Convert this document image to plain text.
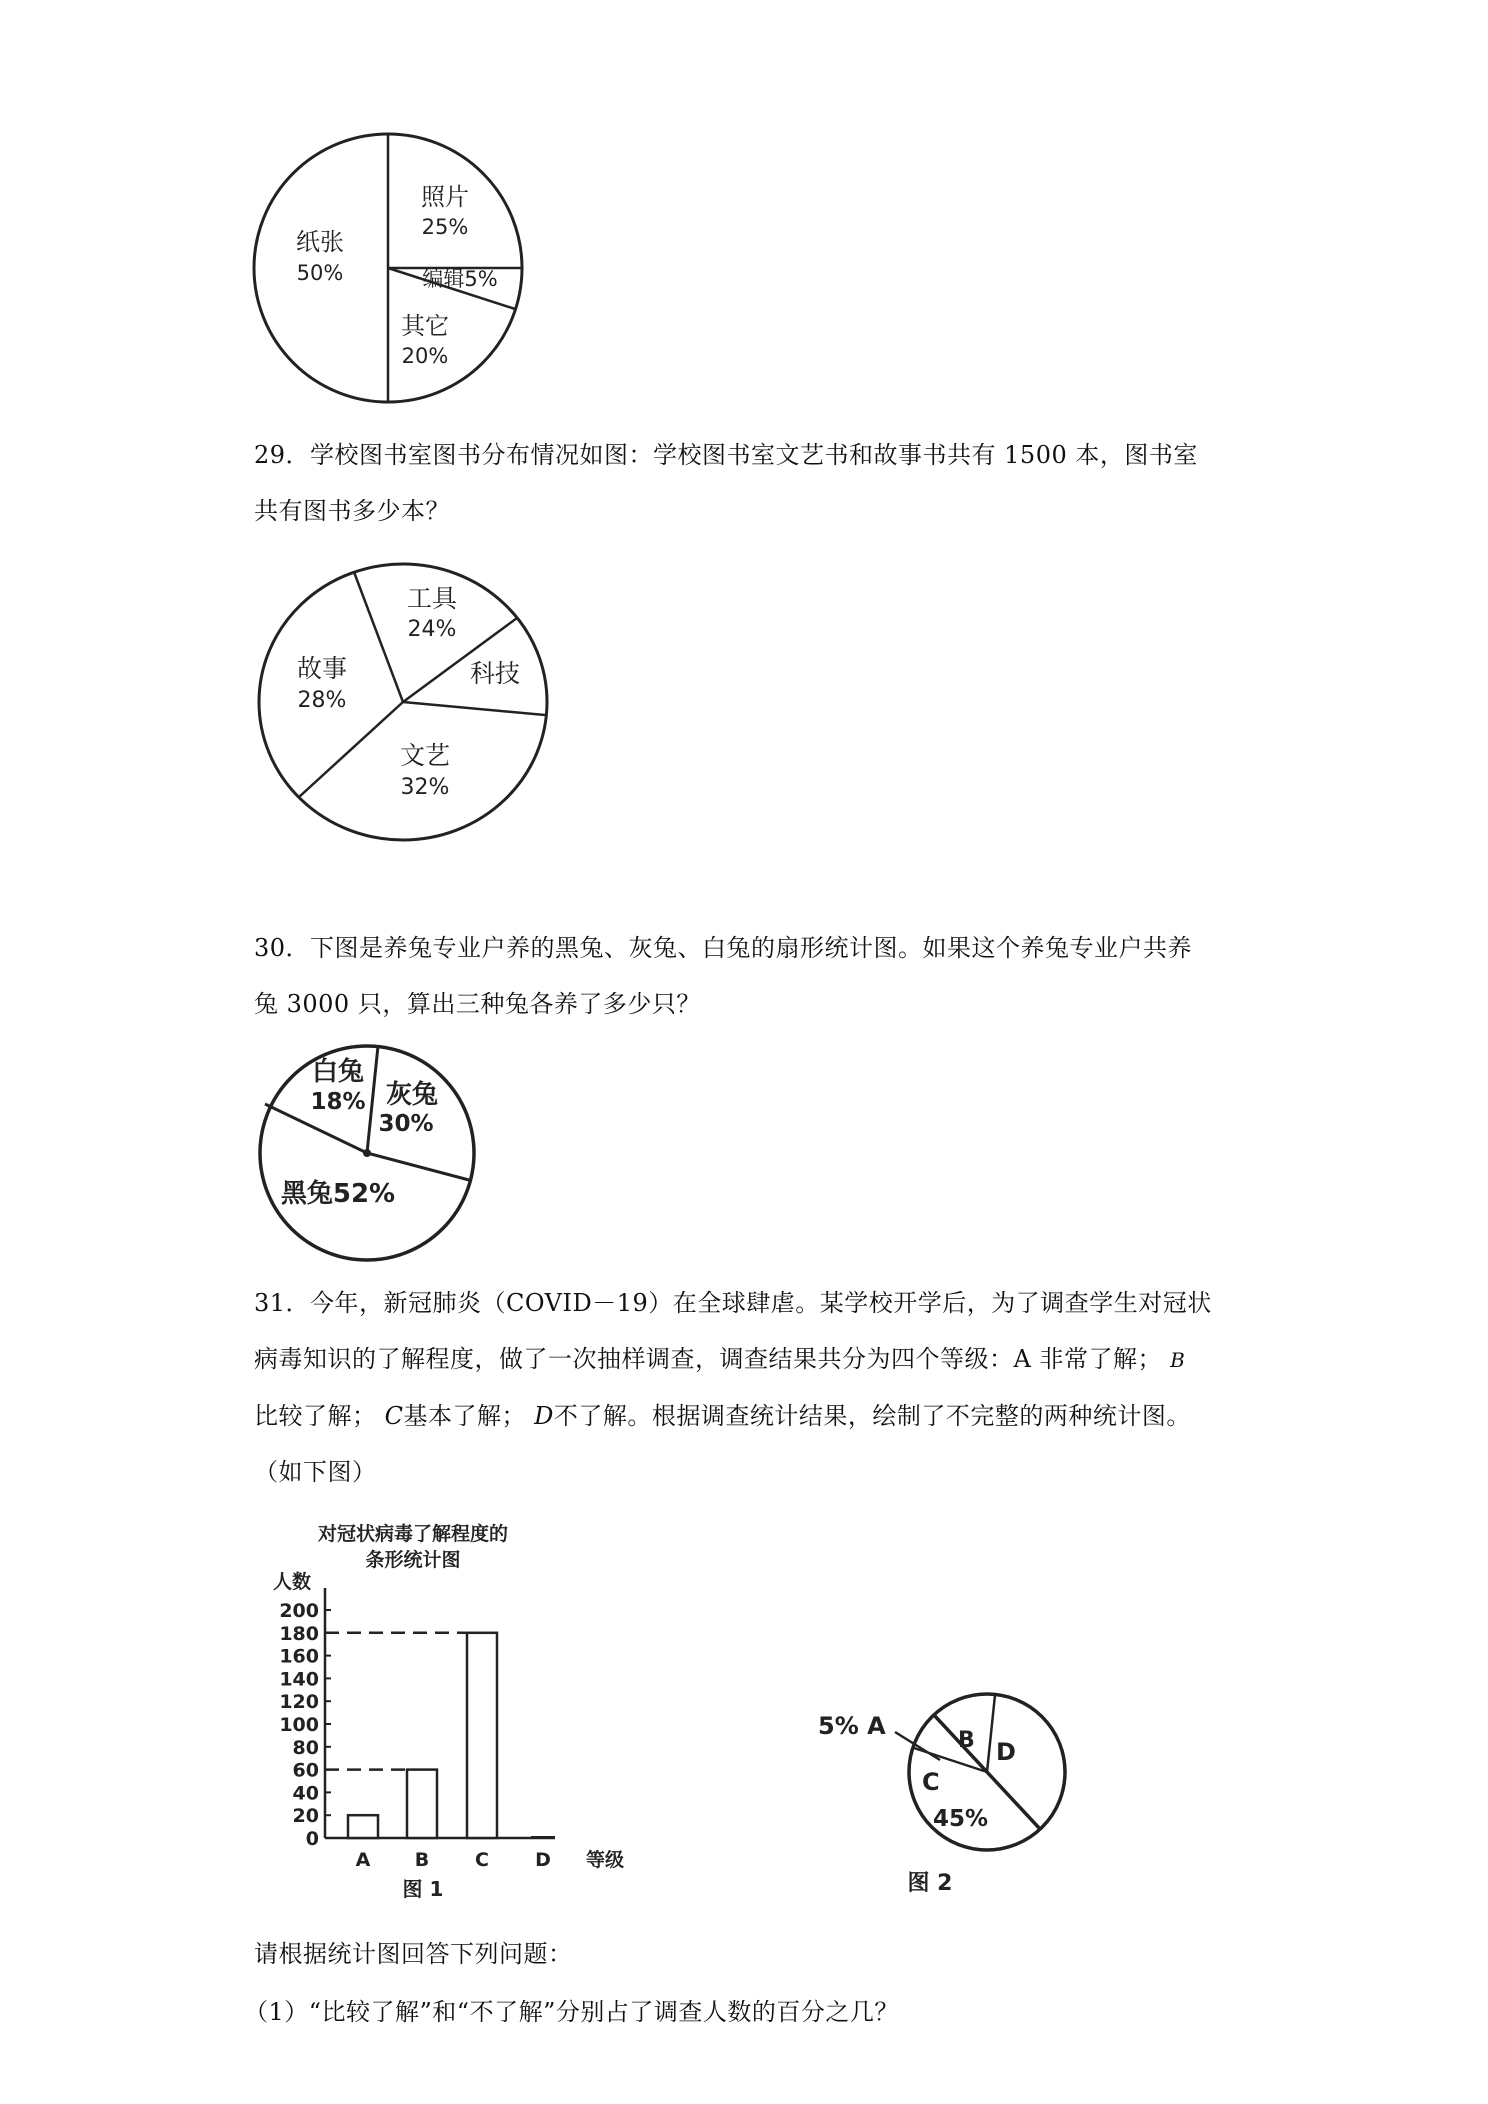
照片
25%
编辑5%
其它
20%
纸张
50%
29．学校图书室图书分布情况如图：学校图书室文艺书和故事书共有 1500 本，图书室
共有图书多少本？
工具
24%
科技
故事
28%
文艺
32%
30．下图是养兔专业户养的黑兔、灰兔、白兔的扇形统计图。如果这个养兔专业户共养
兔 3000 只，算出三种兔各养了多少只？
白兔
18% 灰兔
30%
黑兔52%
31．今年，新冠肺炎（COVID－19）在全球肆虐。某学校开学后，为了调查学生对冠状
病毒知识的了解程度，做了一次抽样调查，调查结果共分为四个等级：A 非常了解； B
比较了解； C基本了解； D不了解。根据调查统计结果，绘制了不完整的两种统计图。
（如下图）
对冠状病毒了解程度的
条形统计图
人数
0
20
40
60
80
100
120
140
160
180
200
A B C D 等级
图 1
5% A
B
C
45%
D
图 2
请根据统计图回答下列问题：
（1）“比较了解”和“不了解”分别占了调查人数的百分之几？
